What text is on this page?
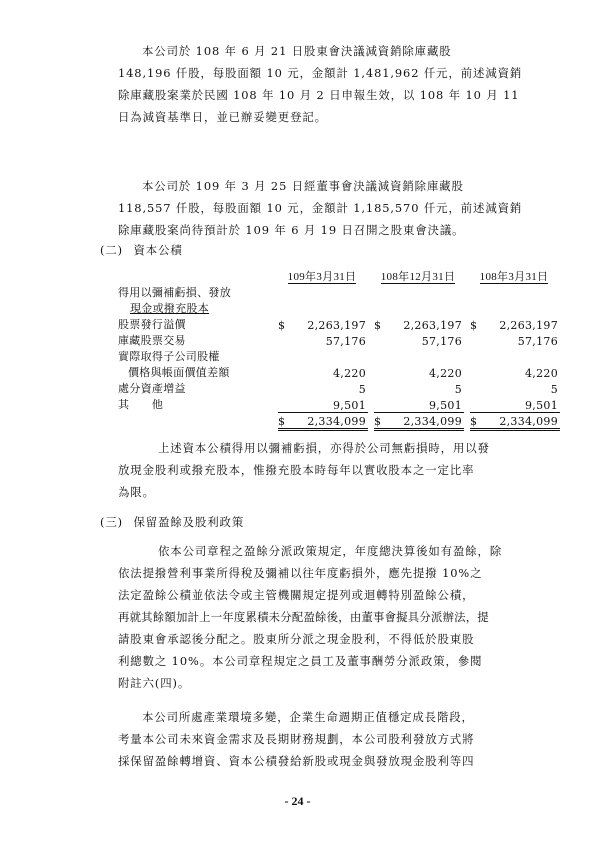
本公司於 108 年 6 月 21 日股東會決議減資銷除庫藏股
148,196 仟股，每股面額 10 元，金額計 1,481,962 仟元，前述減資銷
除庫藏股案業於民國 108 年 10 月 2 日申報生效，以 108 年 10 月 11
日為減資基準日，並已辦妥變更登記。
本公司於 109 年 3 月 25 日經董事會決議減資銷除庫藏股
118,557 仟股，每股面額 10 元，金額計 1,185,570 仟元，前述減資銷
除庫藏股案尚待預計於 109 年 6 月 19 日召開之股東會決議。
(二) 資本公積
	109年3月31日		108年12月31日		108年3月31日
得用以彌補虧損、發放					
現金或撥充股本					
股票發行溢價	$ 2,263,197		$ 2,263,197		$ 2,263,197
庫藏股票交易	57,176		57,176		57,176
實際取得子公司股權					
價格與帳面價值差額	4,220		4,220		4,220
處分資產增益	5		5		5
其　　他	9,501		9,501		9,501

	$ 2,334,099		$ 2,334,099		$ 2,334,099
上述資本公積得用以彌補虧損，亦得於公司無虧損時，用以發
放現金股利或撥充股本，惟撥充股本時每年以實收股本之一定比率
為限。
(三) 保留盈餘及股利政策
依本公司章程之盈餘分派政策規定，年度總決算後如有盈餘，除
依法提撥營利事業所得稅及彌補以往年度虧損外，應先提撥 10%之
法定盈餘公積並依法令或主管機關規定提列或迴轉特別盈餘公積，
再就其餘額加計上一年度累積未分配盈餘後，由董事會擬具分派辦法，提
請股東會承認後分配之。股東所分派之現金股利，不得低於股東股
利總數之 10%。本公司章程規定之員工及董事酬勞分派政策，參閱
附註六(四)。
本公司所處產業環境多變，企業生命週期正值穩定成長階段，
考量本公司未來資金需求及長期財務規劃，本公司股利發放方式將
採保留盈餘轉增資、資本公積發給新股或現金與發放現金股利等四
- 24 -
